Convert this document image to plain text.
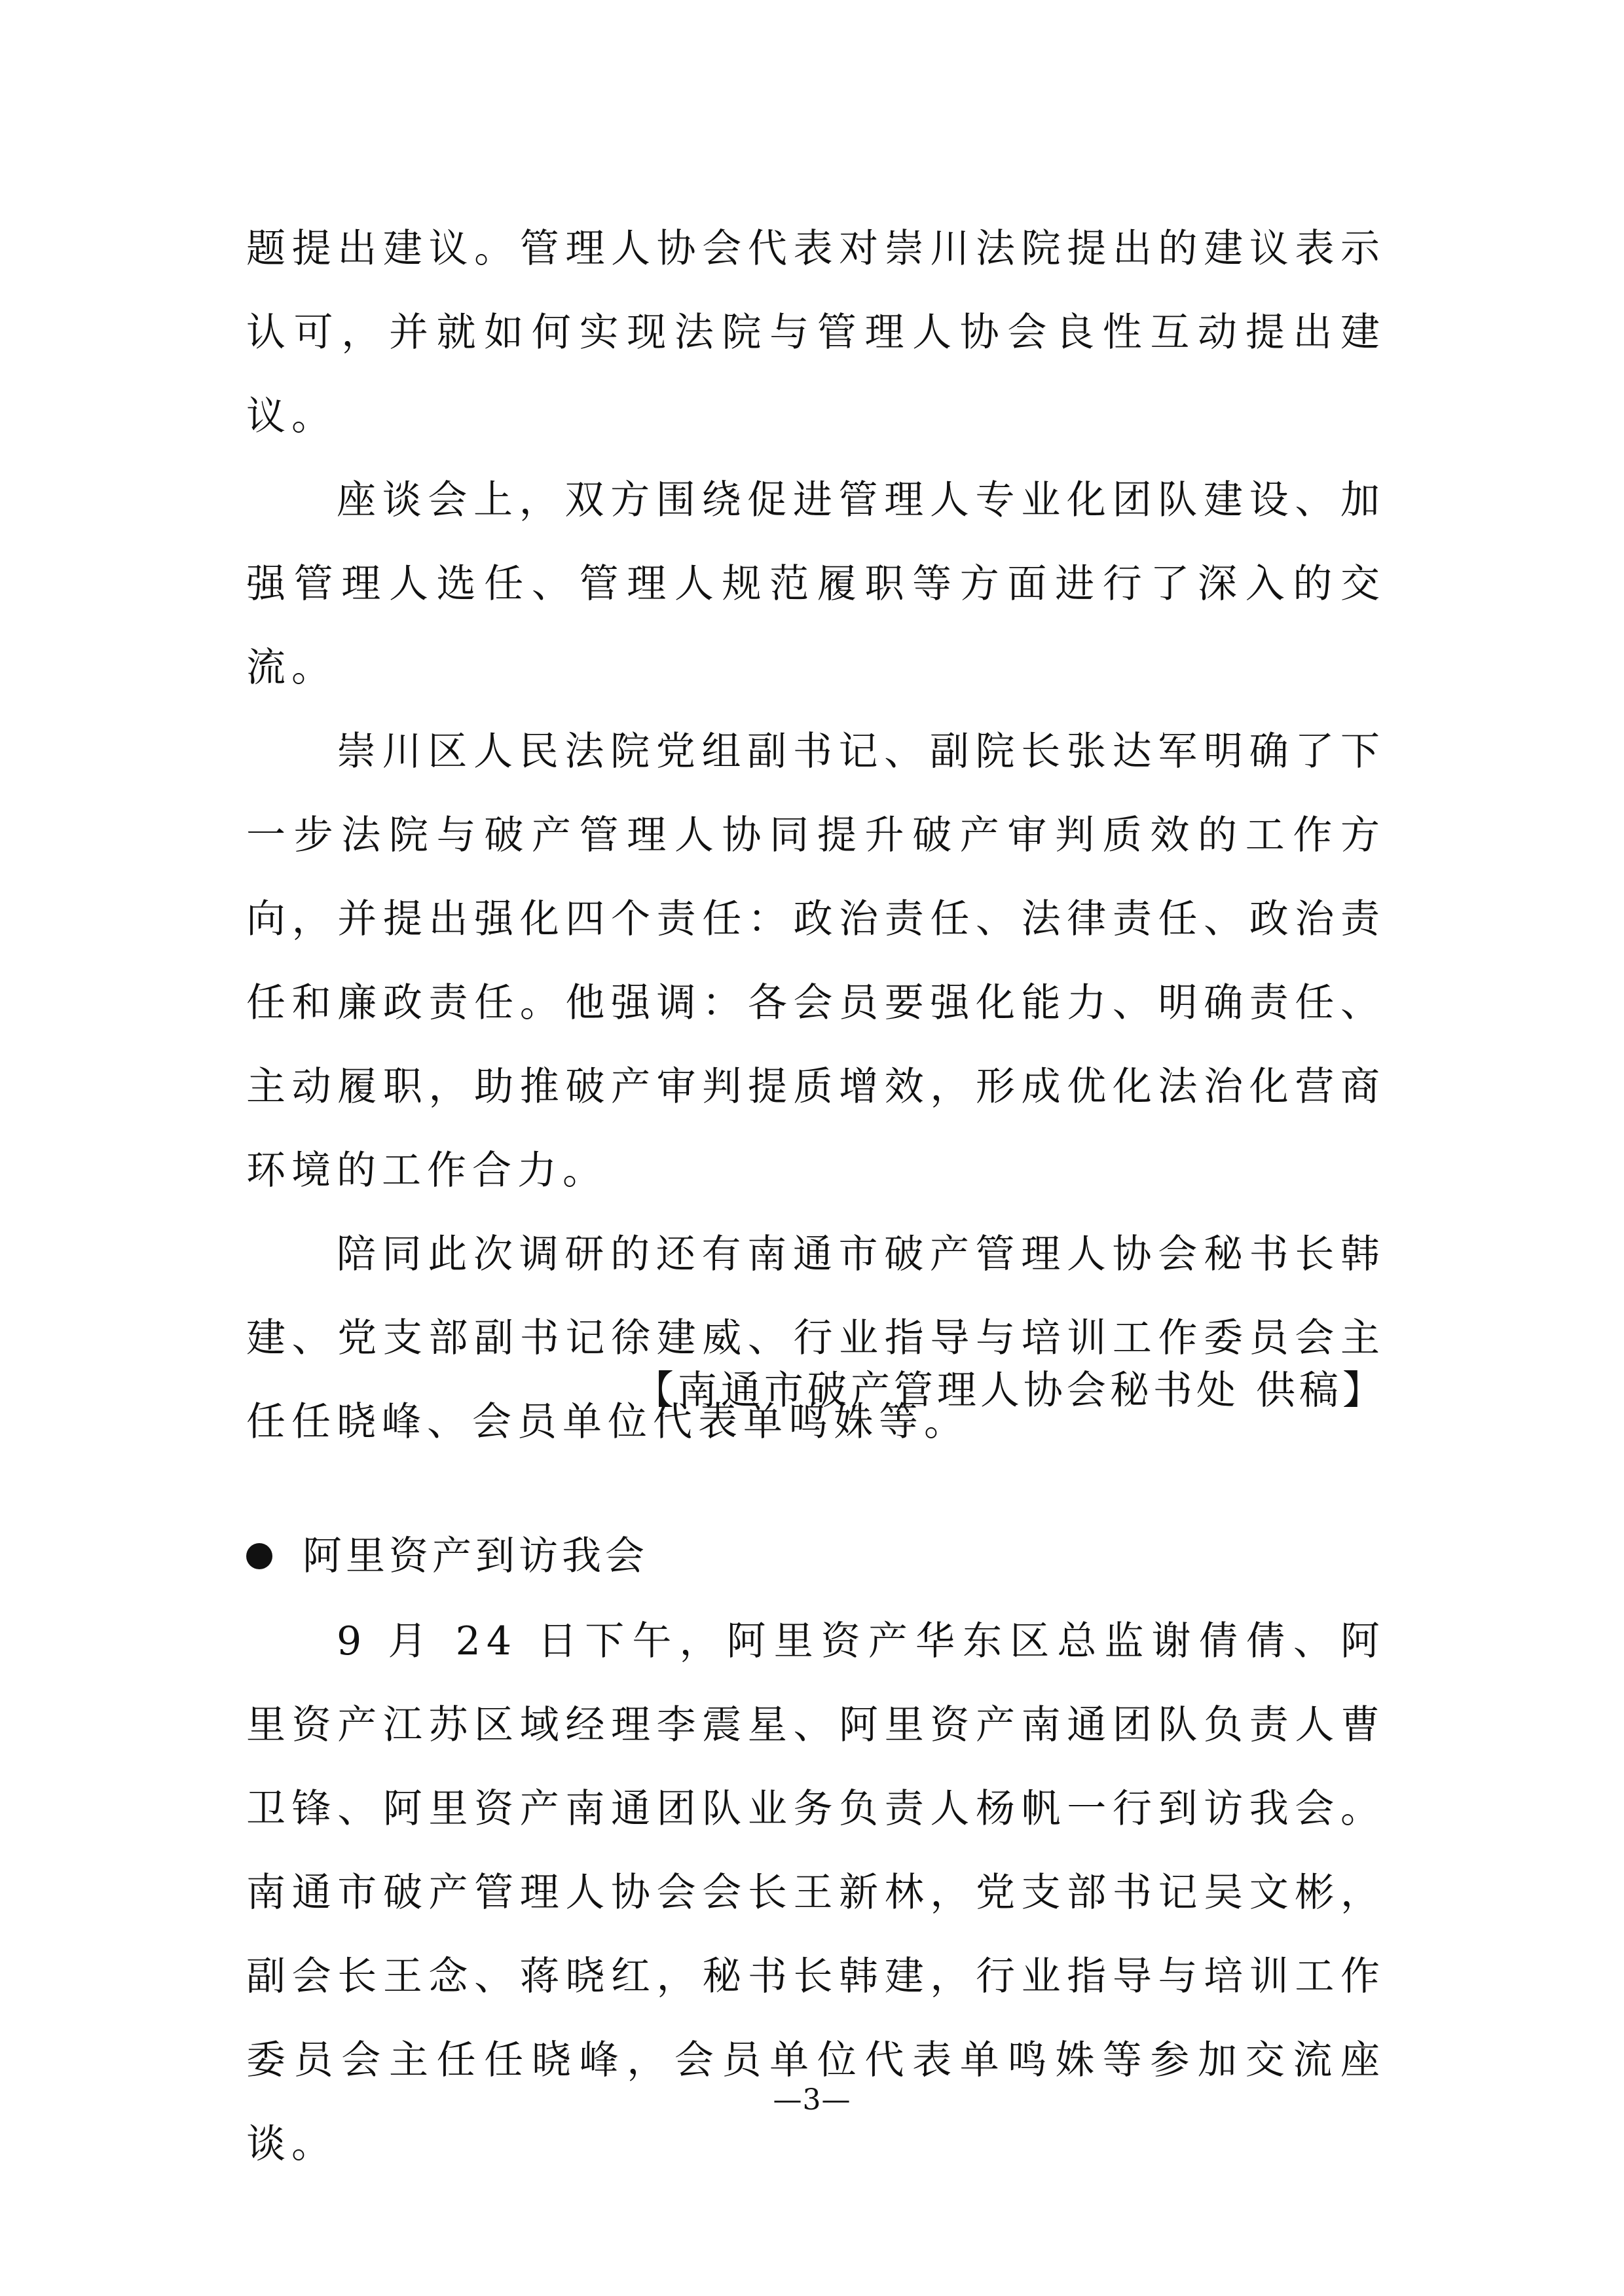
题提出建议。管理人协会代表对崇川法院提出的建议表示认可，并就如何实现法院与管理人协会良性互动提出建议。

座谈会上，双方围绕促进管理人专业化团队建设、加强管理人选任、管理人规范履职等方面进行了深入的交流。

崇川区人民法院党组副书记、副院长张达军明确了下一步法院与破产管理人协同提升破产审判质效的工作方向，并提出强化四个责任：政治责任、法律责任、政治责任和廉政责任。他强调：各会员要强化能力、明确责任、主动履职，助推破产审判提质增效，形成优化法治化营商环境的工作合力。

陪同此次调研的还有南通市破产管理人协会秘书长韩建、党支部副书记徐建威、行业指导与培训工作委员会主任任晓峰、会员单位代表单鸣姝等。

【南通市破产管理人协会秘书处 供稿】
阿里资产到访我会

9 月 24 日下午，阿里资产华东区总监谢倩倩、阿里资产江苏区域经理李震星、阿里资产南通团队负责人曹卫锋、阿里资产南通团队业务负责人杨帆一行到访我会。南通市破产管理人协会会长王新林，党支部书记吴文彬，副会长王念、蒋晓红，秘书长韩建，行业指导与培训工作委员会主任任晓峰，会员单位代表单鸣姝等参加交流座谈。

—3—
